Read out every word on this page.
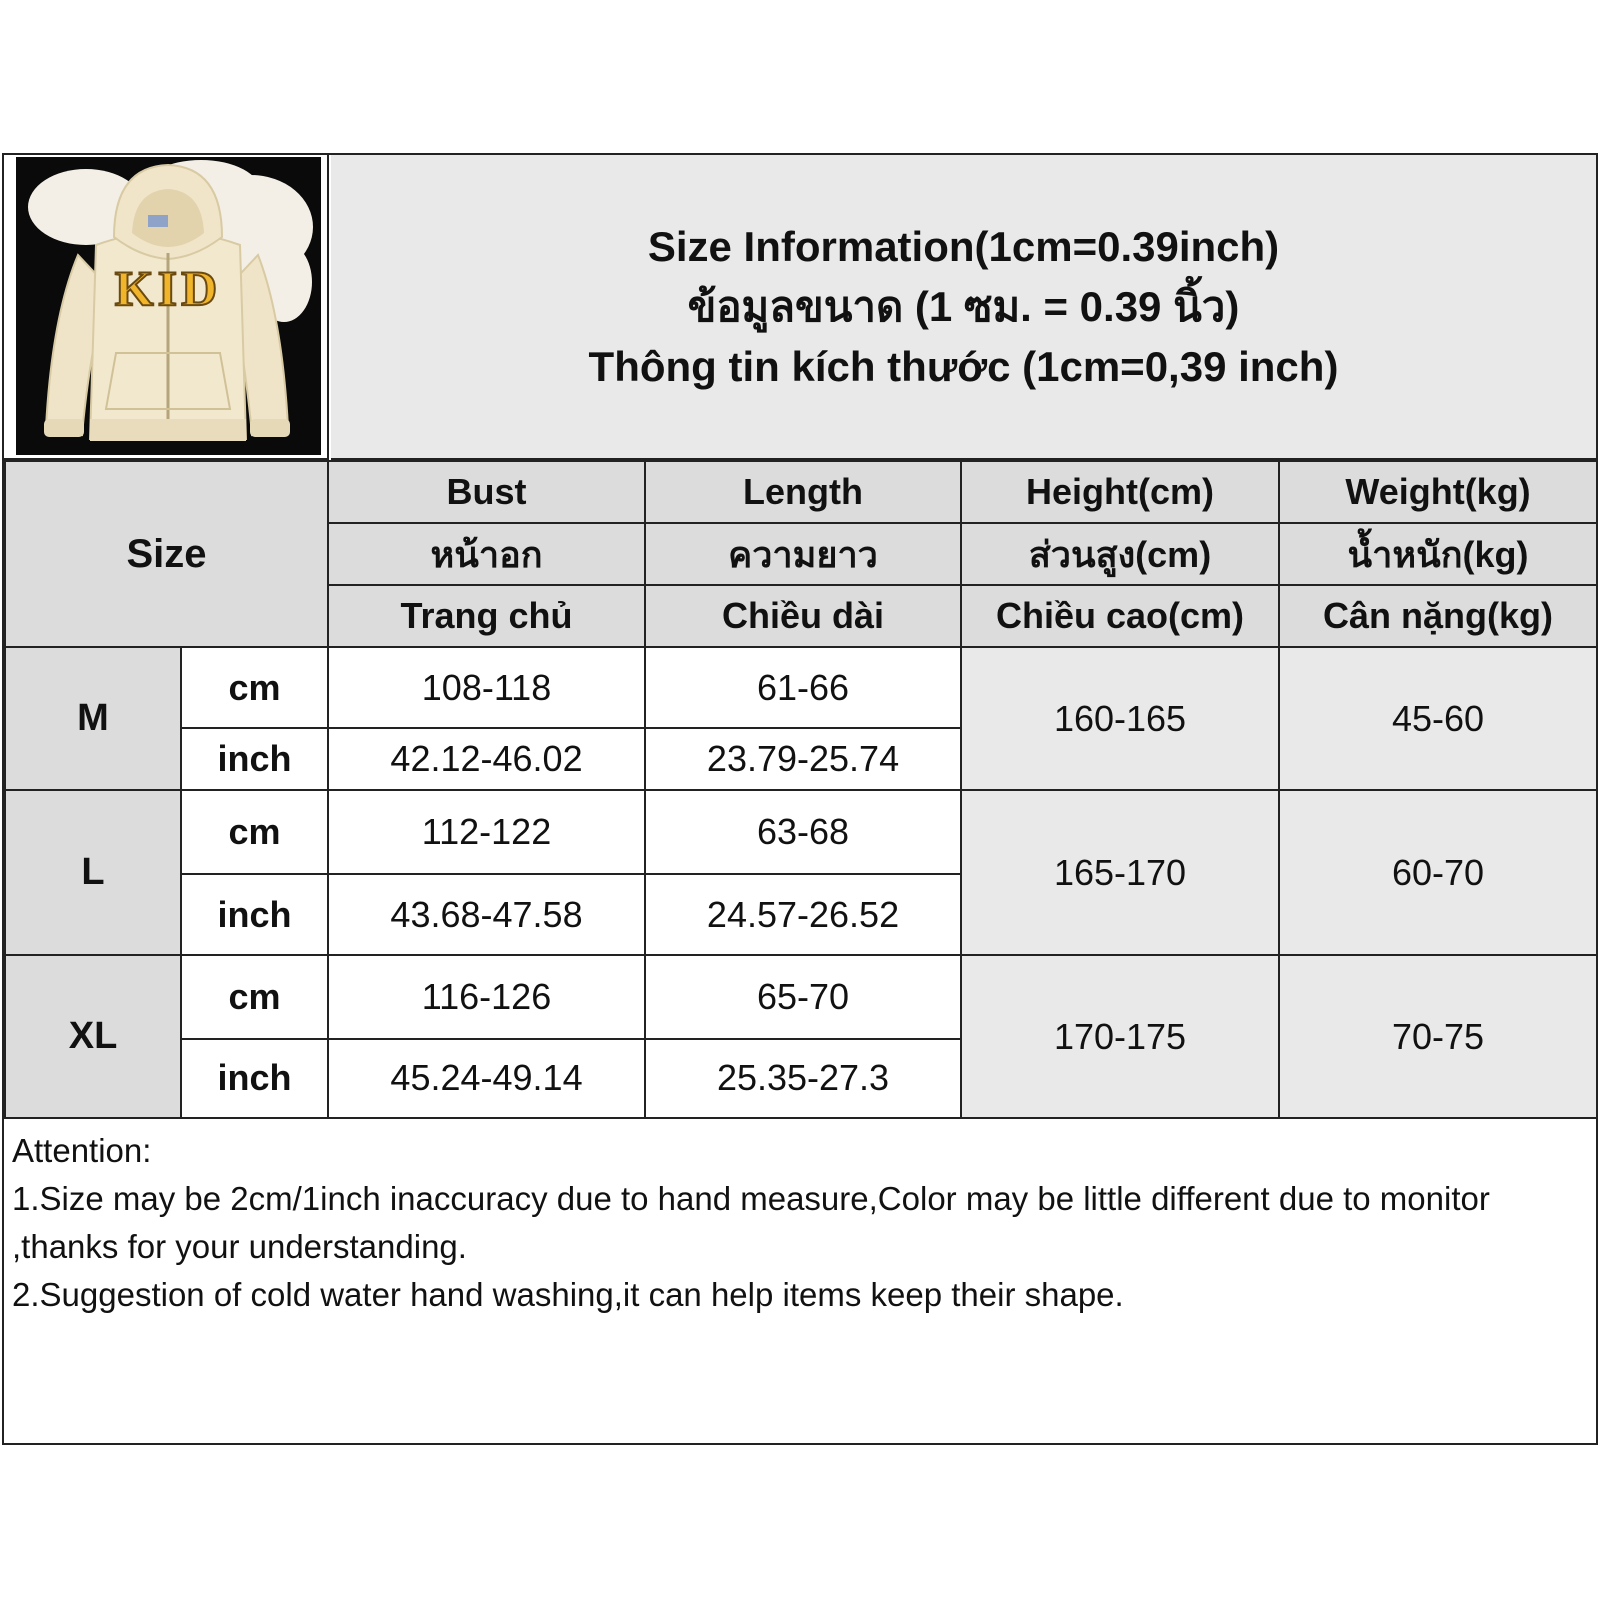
KID
Size Information(1cm=0.39inch)
ข้อมูลขนาด (1 ซม. = 0.39 นิ้ว)
Thông tin kích thước (1cm=0,39 inch)
Size		Bust	Length	Height(cm)	Weight(kg)
		หน้าอก	ความยาว	ส่วนสูง(cm)	น้ำหนัก(kg)
		Trang chủ	Chiều dài	Chiều cao(cm)	Cân nặng(kg)
M	cm	108-118	61-66	160-165	45-60
	inch	42.12-46.02	23.79-25.74		
L	cm	112-122	63-68	165-170	60-70
	inch	43.68-47.58	24.57-26.52		
XL	cm	116-126	65-70	170-175	70-75
	inch	45.24-49.14	25.35-27.3		

Attention:

1.Size may be 2cm/1inch inaccuracy due to hand measure,Color may be little different due to monitor ,thanks for your understanding.

2.Suggestion of cold water hand washing,it can help items keep their shape.
